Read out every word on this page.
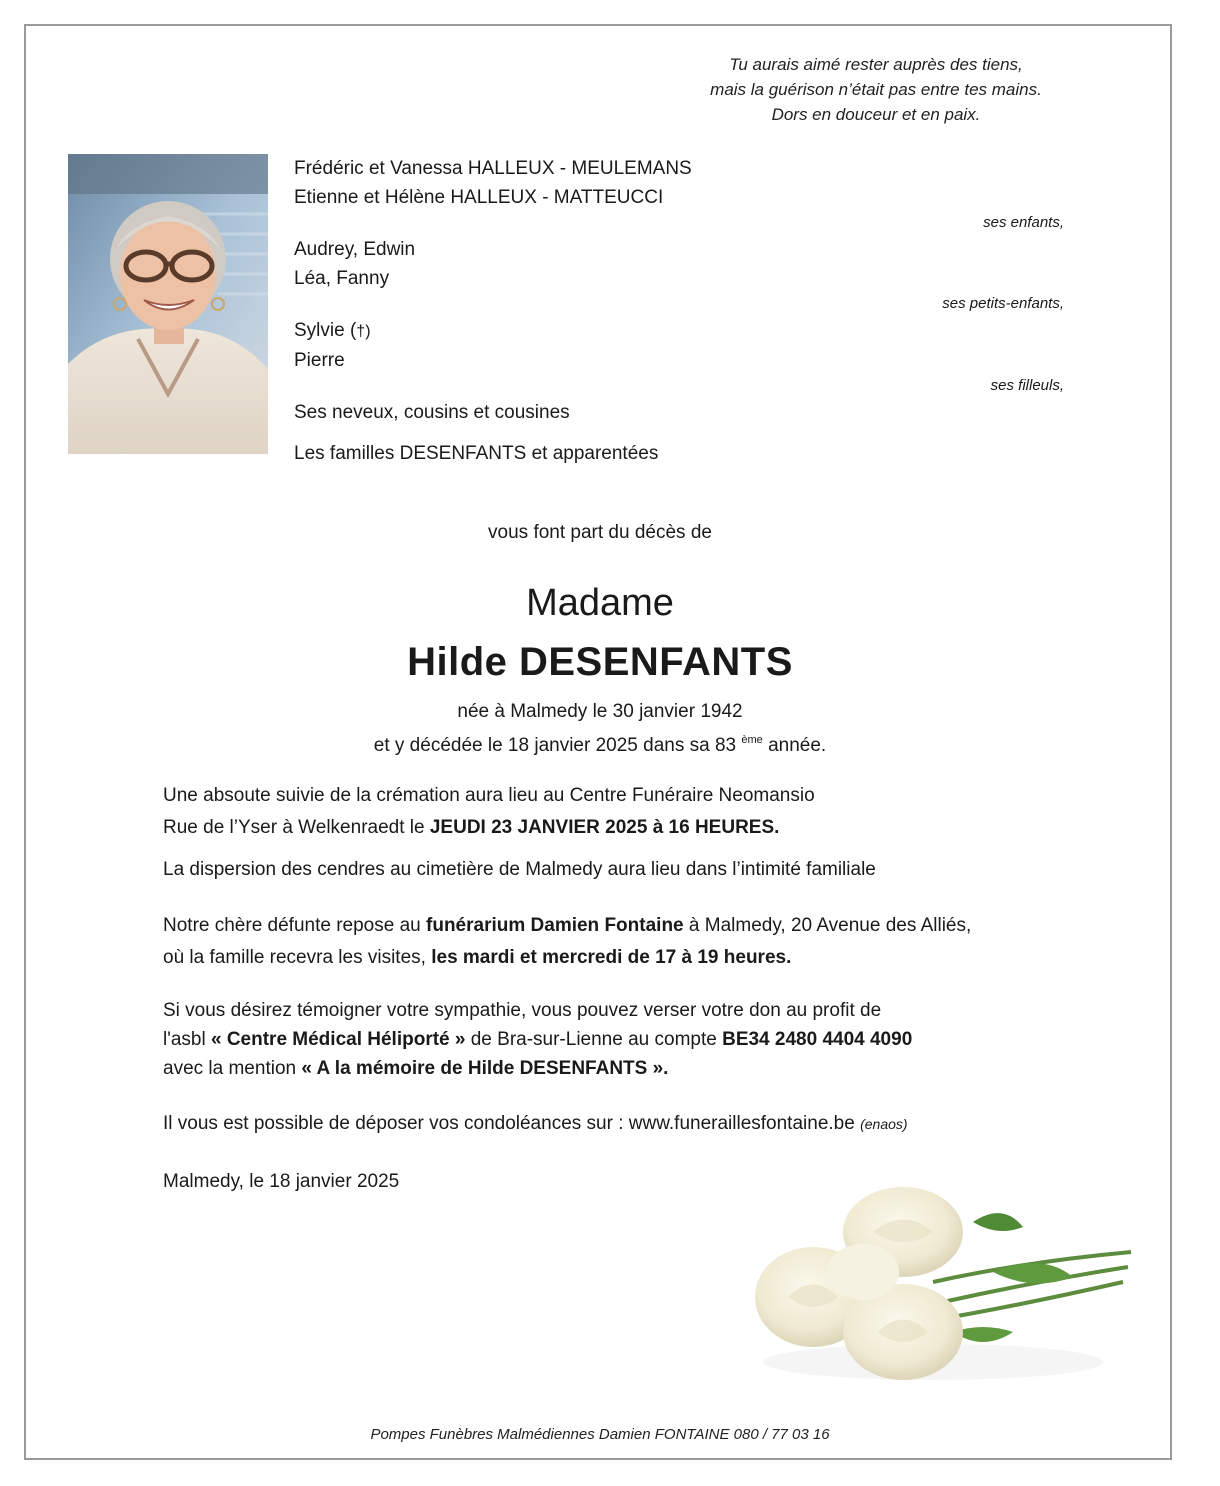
Tu aurais aimé rester auprès des tiens,
mais la guérison n’était pas entre tes mains.
Dors en douceur et en paix.
Frédéric et Vanessa HALLEUX - MEULEMANS
Etienne et Hélène HALLEUX - MATTEUCCI
ses enfants,
Audrey, Edwin
Léa, Fanny
ses petits-enfants,
Sylvie (†)
Pierre
ses filleuls,
Ses neveux, cousins et cousines
Les familles DESENFANTS et apparentées
vous font part du décès de
Madame
Hilde DESENFANTS
née à Malmedy le 30 janvier 1942
et y décédée le 18 janvier 2025 dans sa 83 $^{ème}$ année.

Une absoute suivie de la crémation aura lieu au Centre Funéraire Neomansio

Rue de l’Yser à Welkenraedt le JEUDI 23 JANVIER 2025 à 16 HEURES.

La dispersion des cendres au cimetière de Malmedy aura lieu dans l’intimité familiale

Notre chère défunte repose au funérarium Damien Fontaine à Malmedy, 20 Avenue des Alliés,

où la famille recevra les visites, les mardi et mercredi de 17 à 19 heures.

Si vous désirez témoigner votre sympathie, vous pouvez verser votre don au profit de

l'asbl « Centre Médical Héliporté » de Bra-sur-Lienne au compte BE34 2480 4404 4090

avec la mention « A la mémoire de Hilde DESENFANTS ».

Il vous est possible de déposer vos condoléances sur : www.funeraillesfontaine.be (enaos)

Malmedy, le 18 janvier 2025

Pompes Funèbres Malmédiennes Damien FONTAINE 080 / 77 03 16
